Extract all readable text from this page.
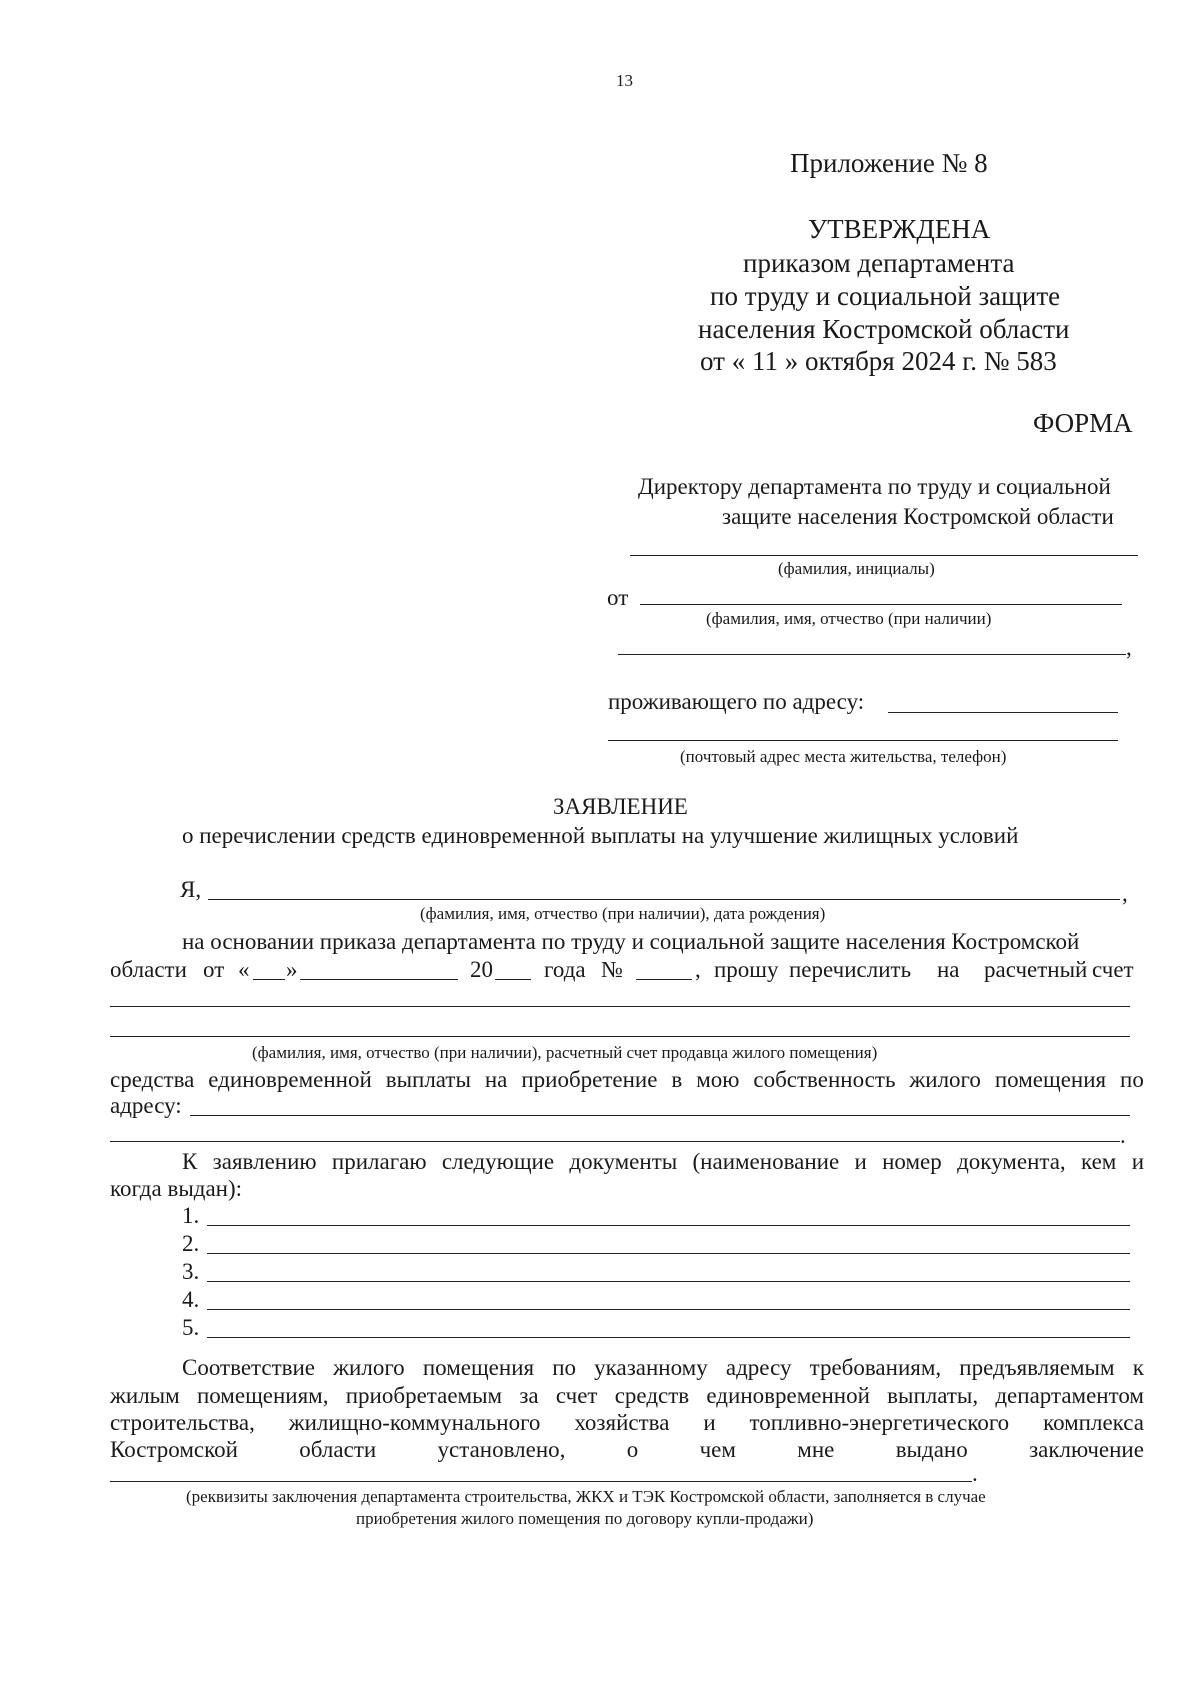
13
Приложение № 8
УТВЕРЖДЕНА
приказом департамента
по труду и социальной защите
населения Костромской области
от « 11 » октября 2024 г. № 583
ФОРМА
Директору департамента по труду и социальной
защите населения Костромской области
(фамилия, инициалы)
от
(фамилия, имя, отчество (при наличии)
,
проживающего по адресу:
(почтовый адрес места жительства, телефон)
ЗАЯВЛЕНИЕ
о перечислении средств единовременной выплаты на улучшение жилищных условий
Я,	,
(фамилия, имя, отчество (при наличии), дата рождения)
на основании приказа департамента по труду и социальной защите населения Костромской
области от « »	20 года №	, прошу перечислить на расчетный счет
(фамилия, имя, отчество (при наличии), расчетный счет продавца жилого помещения)
средства единовременной выплаты на приобретение в мою собственность жилого помещения по
адресу:
.
К заявлению прилагаю следующие документы (наименование и номер документа, кем и
когда выдан):
1.
2.
3.
4.
5.
Соответствие жилого помещения по указанному адресу требованиям, предъявляемым к
жилым помещениям, приобретаемым за счет средств единовременной выплаты, департаментом
строительства, жилищно-коммунального хозяйства и топливно-энергетического комплекса
Костромской	области	установлено,	о	чем	мне	выдано	заключение
.
(реквизиты заключения департамента строительства, ЖКХ и ТЭК Костромской области, заполняется в случае
приобретения жилого помещения по договору купли-продажи)
